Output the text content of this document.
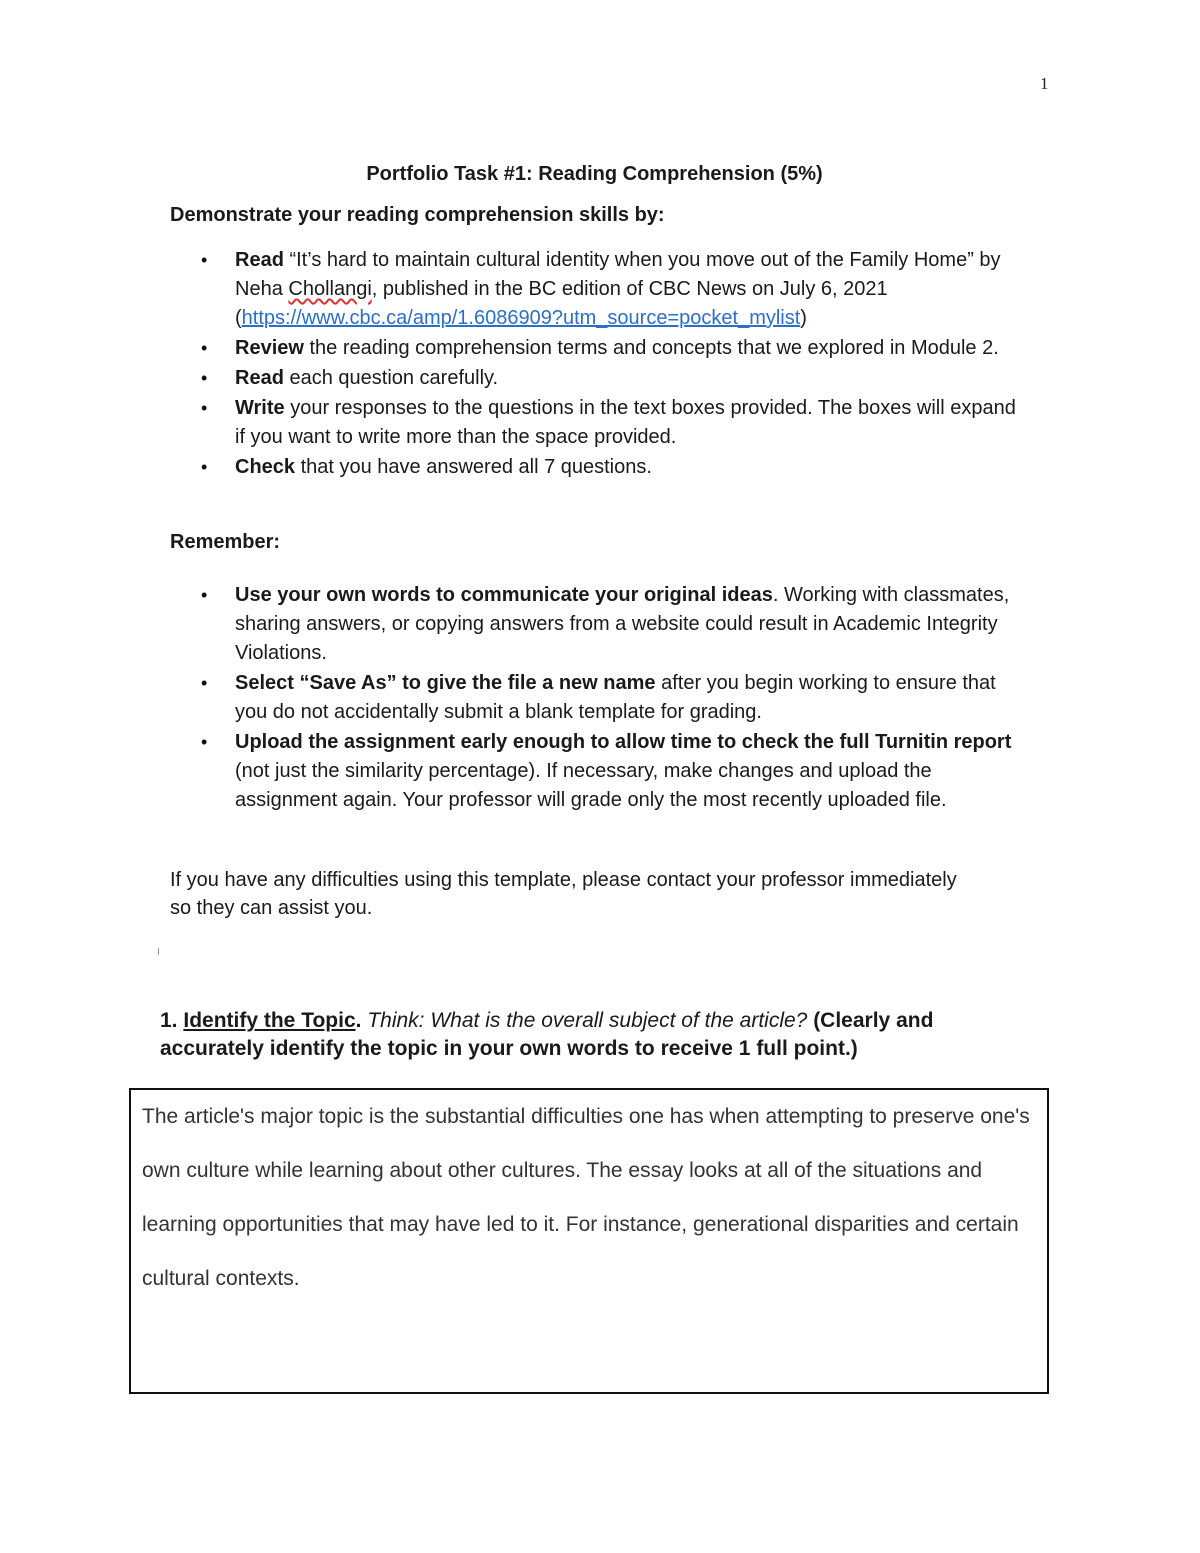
1
Portfolio Task #1: Reading Comprehension (5%)
Demonstrate your reading comprehension skills by:
• Read “It’s hard to maintain cultural identity when you move out of the Family Home” by Neha Chollangi, published in the BC edition of CBC News on July 6, 2021 (https://www.cbc.ca/amp/1.6086909?utm_source=pocket_mylist)
• Review the reading comprehension terms and concepts that we explored in Module 2.
• Read each question carefully.
• Write your responses to the questions in the text boxes provided. The boxes will expand if you want to write more than the space provided.
• Check that you have answered all 7 questions.
Remember:
• Use your own words to communicate your original ideas. Working with classmates, sharing answers, or copying answers from a website could result in Academic Integrity Violations.
• Select “Save As” to give the file a new name after you begin working to ensure that you do not accidentally submit a blank template for grading.
• Upload the assignment early enough to allow time to check the full Turnitin report (not just the similarity percentage). If necessary, make changes and upload the assignment again. Your professor will grade only the most recently uploaded file.
If you have any difficulties using this template, please contact your professor immediately so they can assist you.
1. Identify the Topic. Think: What is the overall subject of the article? (Clearly and accurately identify the topic in your own words to receive 1 full point.)
The article's major topic is the substantial difficulties one has when attempting to preserve one's own culture while learning about other cultures. The essay looks at all of the situations and learning opportunities that may have led to it. For instance, generational disparities and certain cultural contexts.
